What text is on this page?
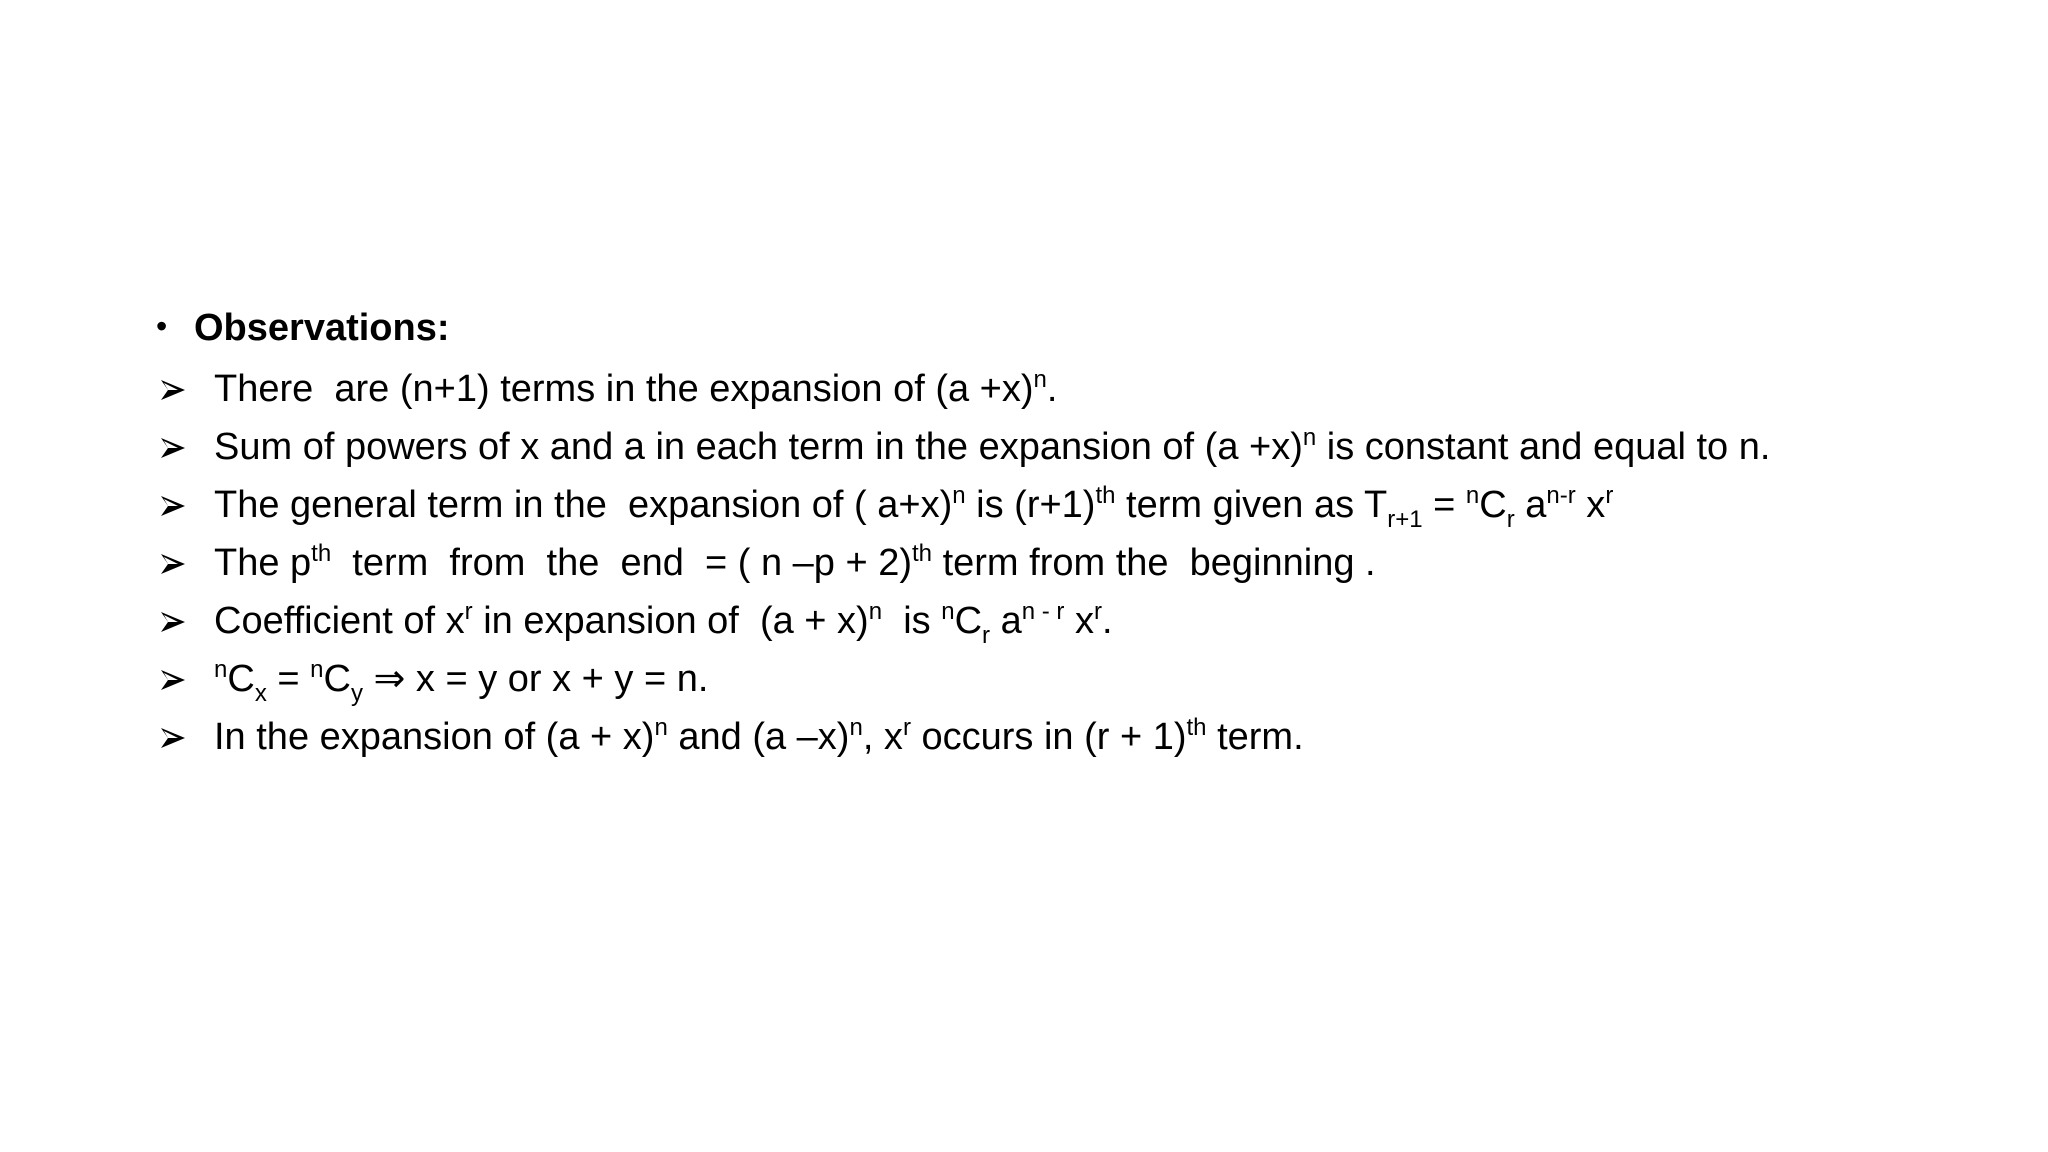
• Observations:
There  are (n+1) terms in the expansion of $(a +x)^n$.
Sum of powers of x and a in each term in the expansion of $(a +x)^n$ is constant and equal to n.
The general term in the  expansion of ( a+x)$^n$ is $(r+1)^{th}$ term given as $T_{r+1} = ^nC_r$ $a^{n-r}$ $x^r$
The $p^{th}$  term  from  the  end  = ( n –p + 2)$^{th}$ term from the  beginning .
Coefficient of $x^r$ in expansion of  $(a + x)^n$  is $^nC_r$ $a^{n - r}$ $x^r$.
$^nC_x = ^nC_y$ ⇒ x = y or x + y = n.
In the expansion of $(a + x)^n$ and (a –x)$^n$, $x^r$ occurs in $(r + 1)^{th}$ term.
